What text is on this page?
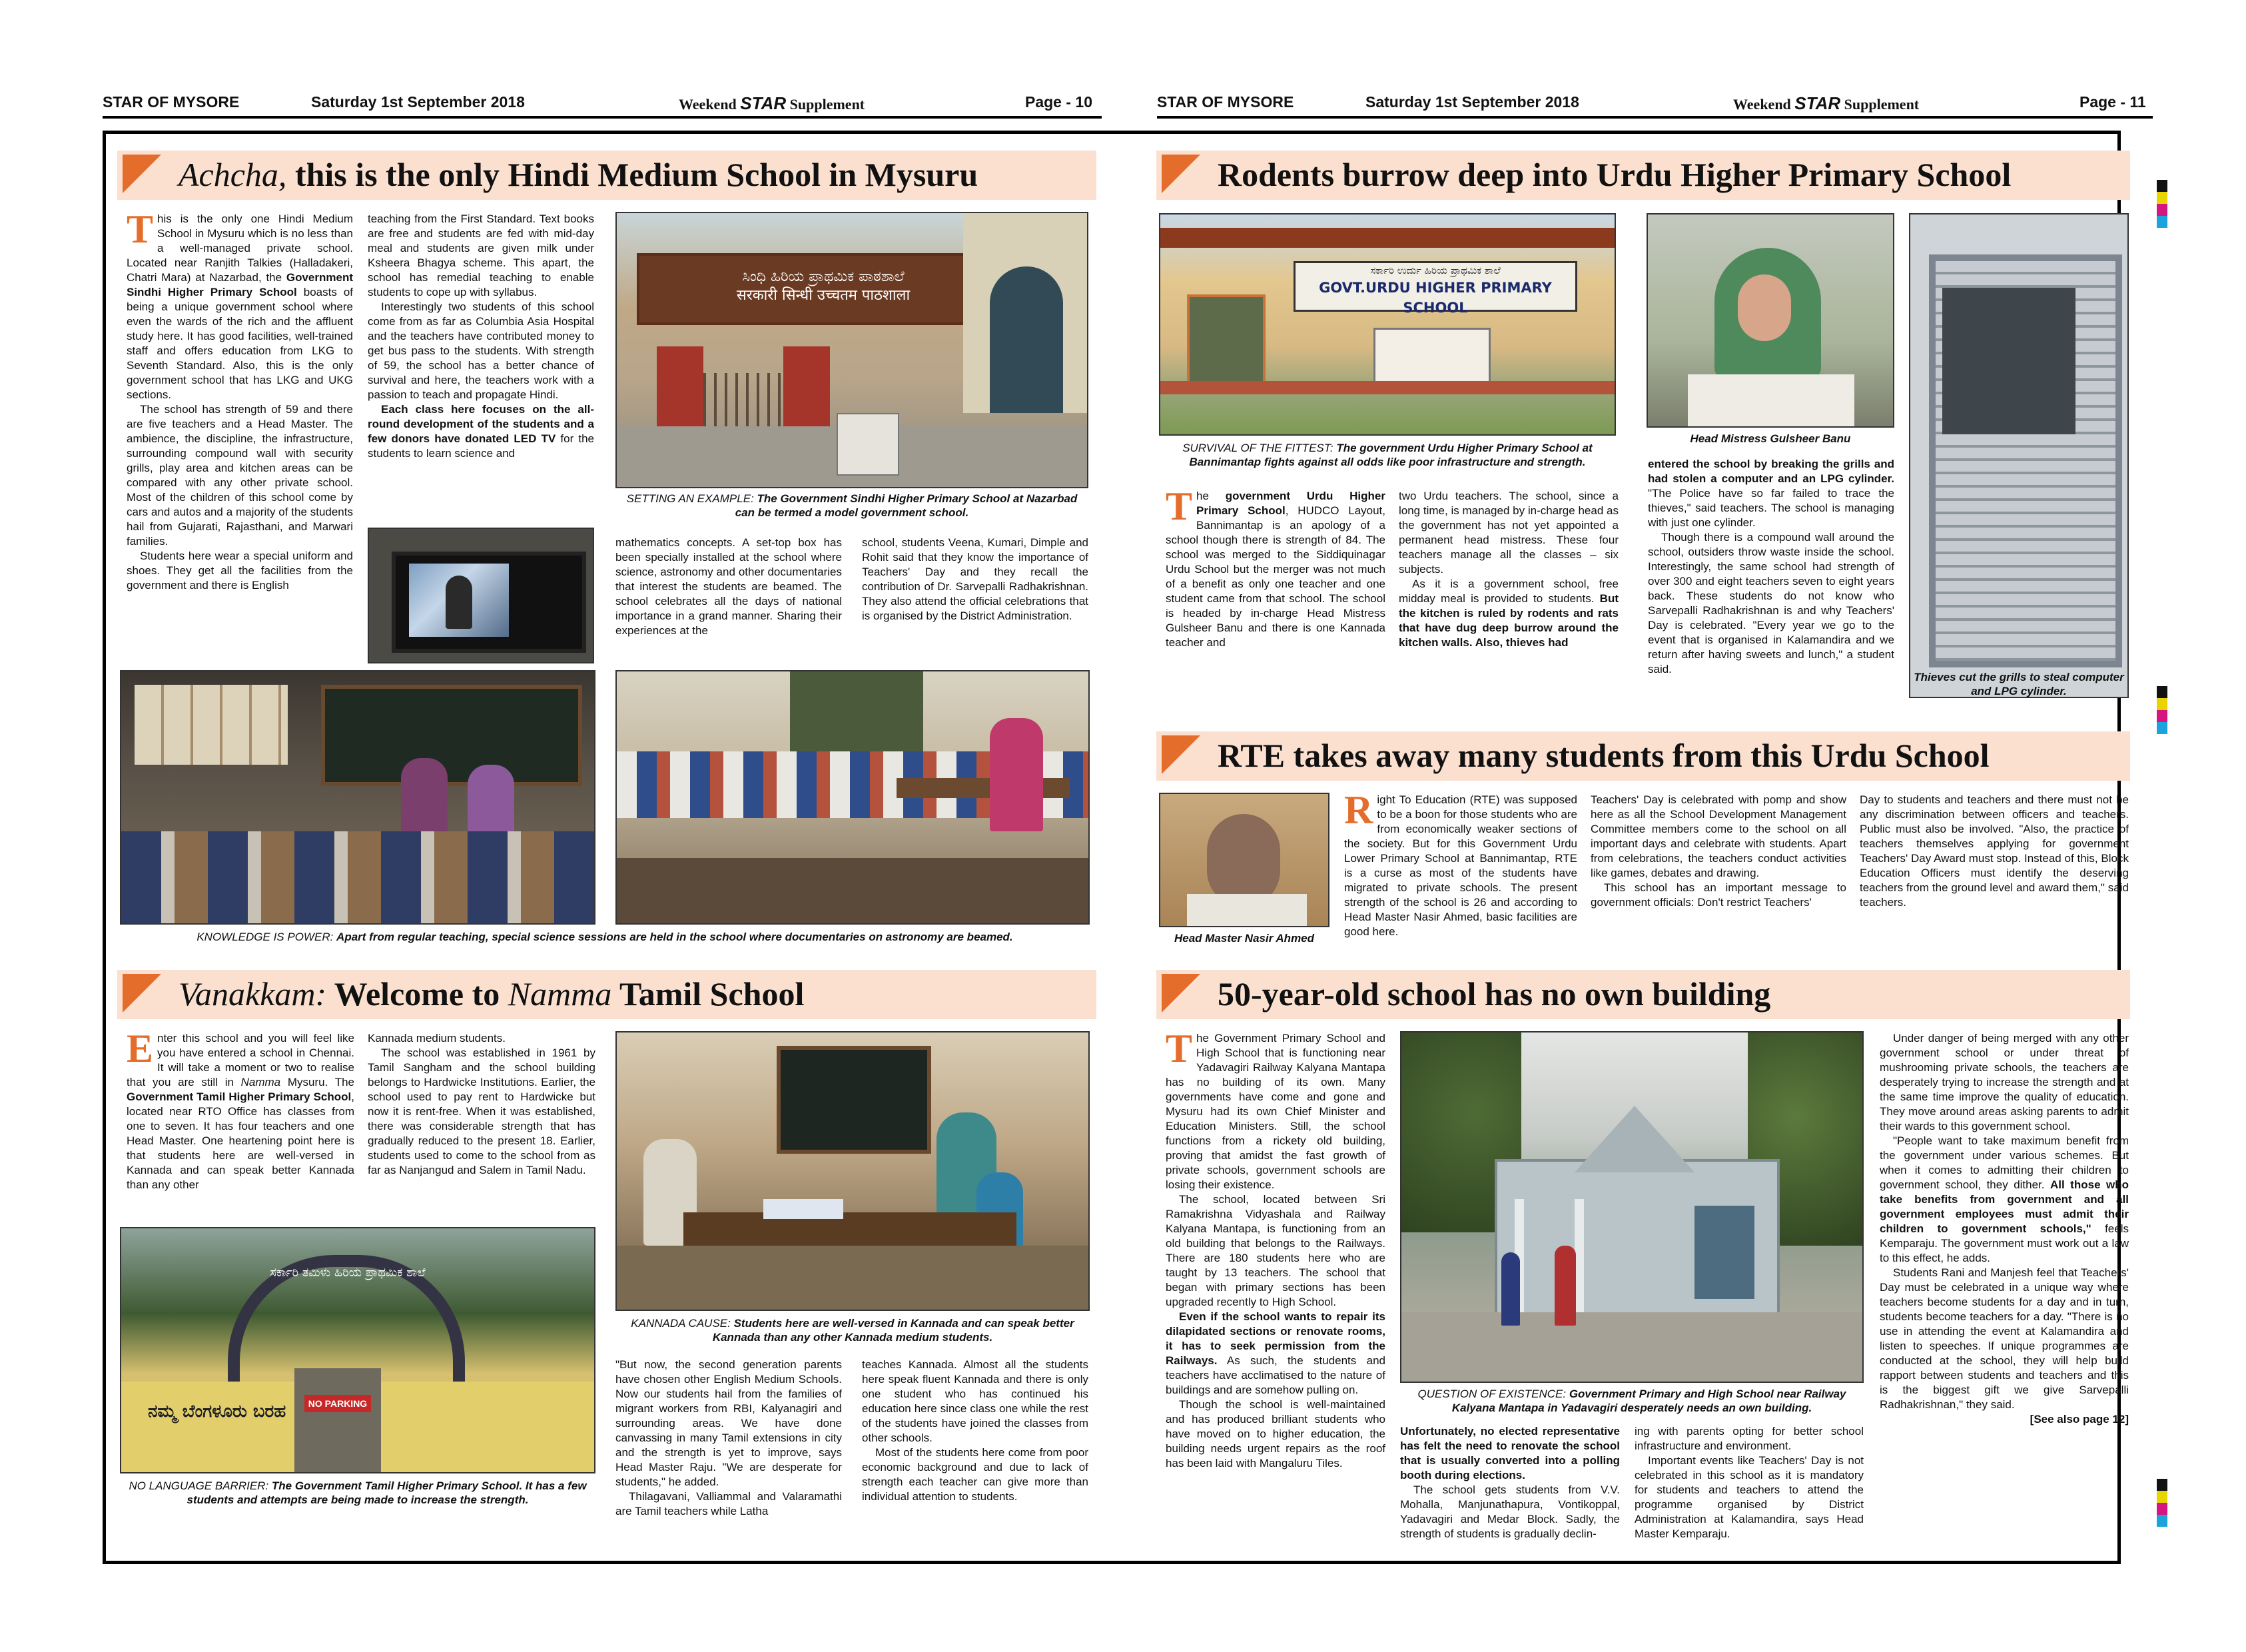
STAR OF MYSORE	Saturday 1st September 2018	Weekend STAR Supplement	Page - 10	STAR OF MYSORE	Saturday 1st September 2018	Weekend STAR Supplement	Page - 11
Achcha, this is the only Hindi Medium School in Mysuru

This is the only one Hindi Medium School in Mysuru which is no less than a well-managed private school. Located near Ranjith Talkies (Halladakeri, Chatri Mara) at Nazarbad, the Government Sindhi Higher Primary School boasts of being a unique government school where even the wards of the rich and the affluent study here. It has good facilities, well-trained staff and offers education from LKG to Seventh Standard. Also, this is the only government school that has LKG and UKG sections.

The school has strength of 59 and there are five teachers and a Head Master. The ambience, the discipline, the infrastructure, surrounding compound wall with security grills, play area and kitchen areas can be compared with any other private school. Most of the children of this school come by cars and autos and a majority of the students hail from Gujarati, Rajasthani, and Marwari families.

Students here wear a special uniform and shoes. They get all the facilities from the government and there is English

teaching from the First Standard. Text books are free and students are fed with mid-day meal and students are given milk under Ksheera Bhagya scheme. This apart, the school has remedial teaching to enable students to cope up with syllabus.

Interestingly two students of this school come from as far as Columbia Asia Hospital and the teachers have contributed money to get bus pass to the students. With strength of 59, the school has a better chance of survival and here, the teachers work with a passion to teach and propagate Hindi.

Each class here focuses on the all-round development of the students and a few donors have donated LED TV for the students to learn science and

ಸಿಂಧಿ ಹಿರಿಯ ಪ್ರಾಥಮಿಕ ಪಾಠಶಾಲೆ
सरकारी सिन्धी उच्चतम पाठशाला
SETTING AN EXAMPLE: The Government Sindhi Higher Primary School at Nazarbad can be termed a model government school.

mathematics concepts. A set-top box has been specially installed at the school where science, astronomy and other documentaries that interest the students are beamed. The school celebrates all the days of national importance in a grand manner. Sharing their experiences at the

school, students Veena, Kumari, Dimple and Rohit said that they know the importance of Teachers' Day and they recall the contribution of Dr. Sarvepalli Radhakrishnan. They also attend the official celebrations that is organised by the District Administration.

KNOWLEDGE IS POWER: Apart from regular teaching, special science sessions are held in the school where documentaries on astronomy are beamed.
Rodents burrow deep into Urdu Higher Primary School
ಸರ್ಕಾರಿ ಉರ್ದು ಹಿರಿಯ ಪ್ರಾಥಮಿಕ ಶಾಲೆ
GOVT.URDU HIGHER PRIMARY SCHOOL
SURVIVAL OF THE FITTEST: The government Urdu Higher Primary School at Bannimantap fights against all odds like poor infrastructure and strength.
Head Mistress Gulsheer Banu
Thieves cut the grills to steal computer and LPG cylinder.

The government Urdu Higher Primary School, HUDCO Layout, Bannimantap is an apology of a school though there is strength of 84. The school was merged to the Siddiquinagar Urdu School but the merger was not much of a benefit as only one teacher and one student came from that school. The school is headed by in-charge Head Mistress Gulsheer Banu and there is one Kannada teacher and

two Urdu teachers. The school, since a long time, is managed by in-charge head as the government has not yet appointed a permanent head mistress. These four teachers manage all the classes – six subjects.

As it is a government school, free midday meal is provided to students. But the kitchen is ruled by rodents and rats that have dug deep burrow around the kitchen walls. Also, thieves had

entered the school by breaking the grills and had stolen a computer and an LPG cylinder. "The Police have so far failed to trace the thieves," said teachers. The school is managing with just one cylinder.

Though there is a compound wall around the school, outsiders throw waste inside the school. Interestingly, the same school had strength of over 300 and eight teachers seven to eight years back. These students do not know who Sarvepalli Radhakrishnan is and why Teachers' Day is celebrated. "Every year we go to the event that is organised in Kalamandira and we return after having sweets and lunch," a student said.

RTE takes away many students from this Urdu School
Head Master Nasir Ahmed

Right To Education (RTE) was supposed to be a boon for those students who are from economically weaker sections of the society. But for this Government Urdu Lower Primary School at Bannimantap, RTE is a curse as most of the students have migrated to private schools. The present strength of the school is 26 and according to Head Master Nasir Ahmed, basic facilities are good here.

Teachers' Day is celebrated with pomp and show here as all the School Development Management Committee members come to the school on all important days and celebrate with students. Apart from celebrations, the teachers conduct activities like games, debates and drawing.

This school has an important message to government officials: Don't restrict Teachers'

Day to students and teachers and there must not be any discrimination between officers and teachers. Public must also be involved. "Also, the practice of teachers themselves applying for government Teachers' Day Award must stop. Instead of this, Block Education Officers must identify the deserving teachers from the ground level and award them," said teachers.

Vanakkam: Welcome to Namma Tamil School

Enter this school and you will feel like you have entered a school in Chennai. It will take a moment or two to realise that you are still in Namma Mysuru. The Government Tamil Higher Primary School, located near RTO Office has classes from one to seven. It has four teachers and one Head Master. One heartening point here is that students here are well-versed in Kannada and can speak better Kannada than any other

Kannada medium students.

The school was established in 1961 by Tamil Sangham and the school building belongs to Hardwicke Institutions. Earlier, the school used to pay rent to Hardwicke but now it is rent-free. When it was established, there was considerable strength that has gradually reduced to the present 18. Earlier, students used to come to the school from as far as Nanjangud and Salem in Tamil Nadu.

ಸರ್ಕಾರಿ ತಮಿಳು ಹಿರಿಯ ಪ್ರಾಥಮಿಕ ಶಾಲೆ
ನಮ್ಮ ಬೆಂಗಳೂರು ಬರಹ	NO PARKING
NO LANGUAGE BARRIER: The Government Tamil Higher Primary School. It has a few students and attempts are being made to increase the strength.
KANNADA CAUSE: Students here are well-versed in Kannada and can speak better Kannada than any other Kannada medium students.

"But now, the second generation parents have chosen other English Medium Schools. Now our students hail from the families of migrant workers from RBI, Kalyanagiri and surrounding areas. We have done canvassing in many Tamil extensions in city and the strength is yet to improve, says Head Master Raju. "We are desperate for students," he added.

Thilagavani, Valliammal and Valaramathi are Tamil teachers while Latha

teaches Kannada. Almost all the students here speak fluent Kannada and there is only one student who has continued his education here since class one while the rest of the students have joined the classes from other schools.

Most of the students here come from poor economic background and due to lack of strength each teacher can give more than individual attention to students.

50-year-old school has no own building

The Government Primary School and High School that is functioning near Yadavagiri Railway Kalyana Mantapa has no building of its own. Many governments have come and gone and Mysuru had its own Chief Minister and Education Ministers. Still, the school functions from a rickety old building, proving that amidst the fast growth of private schools, government schools are losing their existence.

The school, located between Sri Ramakrishna Vidyashala and Railway Kalyana Mantapa, is functioning from an old building that belongs to the Railways. There are 180 students here who are taught by 13 teachers. The school that began with primary sections has been upgraded recently to High School.

Even if the school wants to repair its dilapidated sections or renovate rooms, it has to seek permission from the Railways. As such, the students and teachers have acclimatised to the nature of buildings and are somehow pulling on.

Though the school is well-maintained and has produced brilliant students who have moved on to higher education, the building needs urgent repairs as the roof has been laid with Mangaluru Tiles.

QUESTION OF EXISTENCE: Government Primary and High School near Railway Kalyana Mantapa in Yadavagiri desperately needs an own building.

Unfortunately, no elected representative has felt the need to renovate the school that is usually converted into a polling booth during elections.

The school gets students from V.V. Mohalla, Manjunathapura, Vontikoppal, Yadavagiri and Medar Block. Sadly, the strength of students is gradually declin-

ing with parents opting for better school infrastructure and environment.

Important events like Teachers' Day is not celebrated in this school as it is mandatory for students and teachers to attend the programme organised by District Administration at Kalamandira, says Head Master Kemparaju.

Under danger of being merged with any other government school or under threat of mushrooming private schools, the teachers are desperately trying to increase the strength and at the same time improve the quality of education. They move around areas asking parents to admit their wards to this government school.

"People want to take maximum benefit from the government under various schemes. But when it comes to admitting their children to government school, they dither. All those who take benefits from government and all government employees must admit their children to government schools," feels Kemparaju. The government must work out a law to this effect, he adds.

Students Rani and Manjesh feel that Teachers' Day must be celebrated in a unique way where teachers become students for a day and in turn, students become teachers for a day. "There is no use in attending the event at Kalamandira and listen to speeches. If unique programmes are conducted at the school, they will help build rapport between students and teachers and this is the biggest gift we give Sarvepalli Radhakrishnan," they said.

[See also page 12]
